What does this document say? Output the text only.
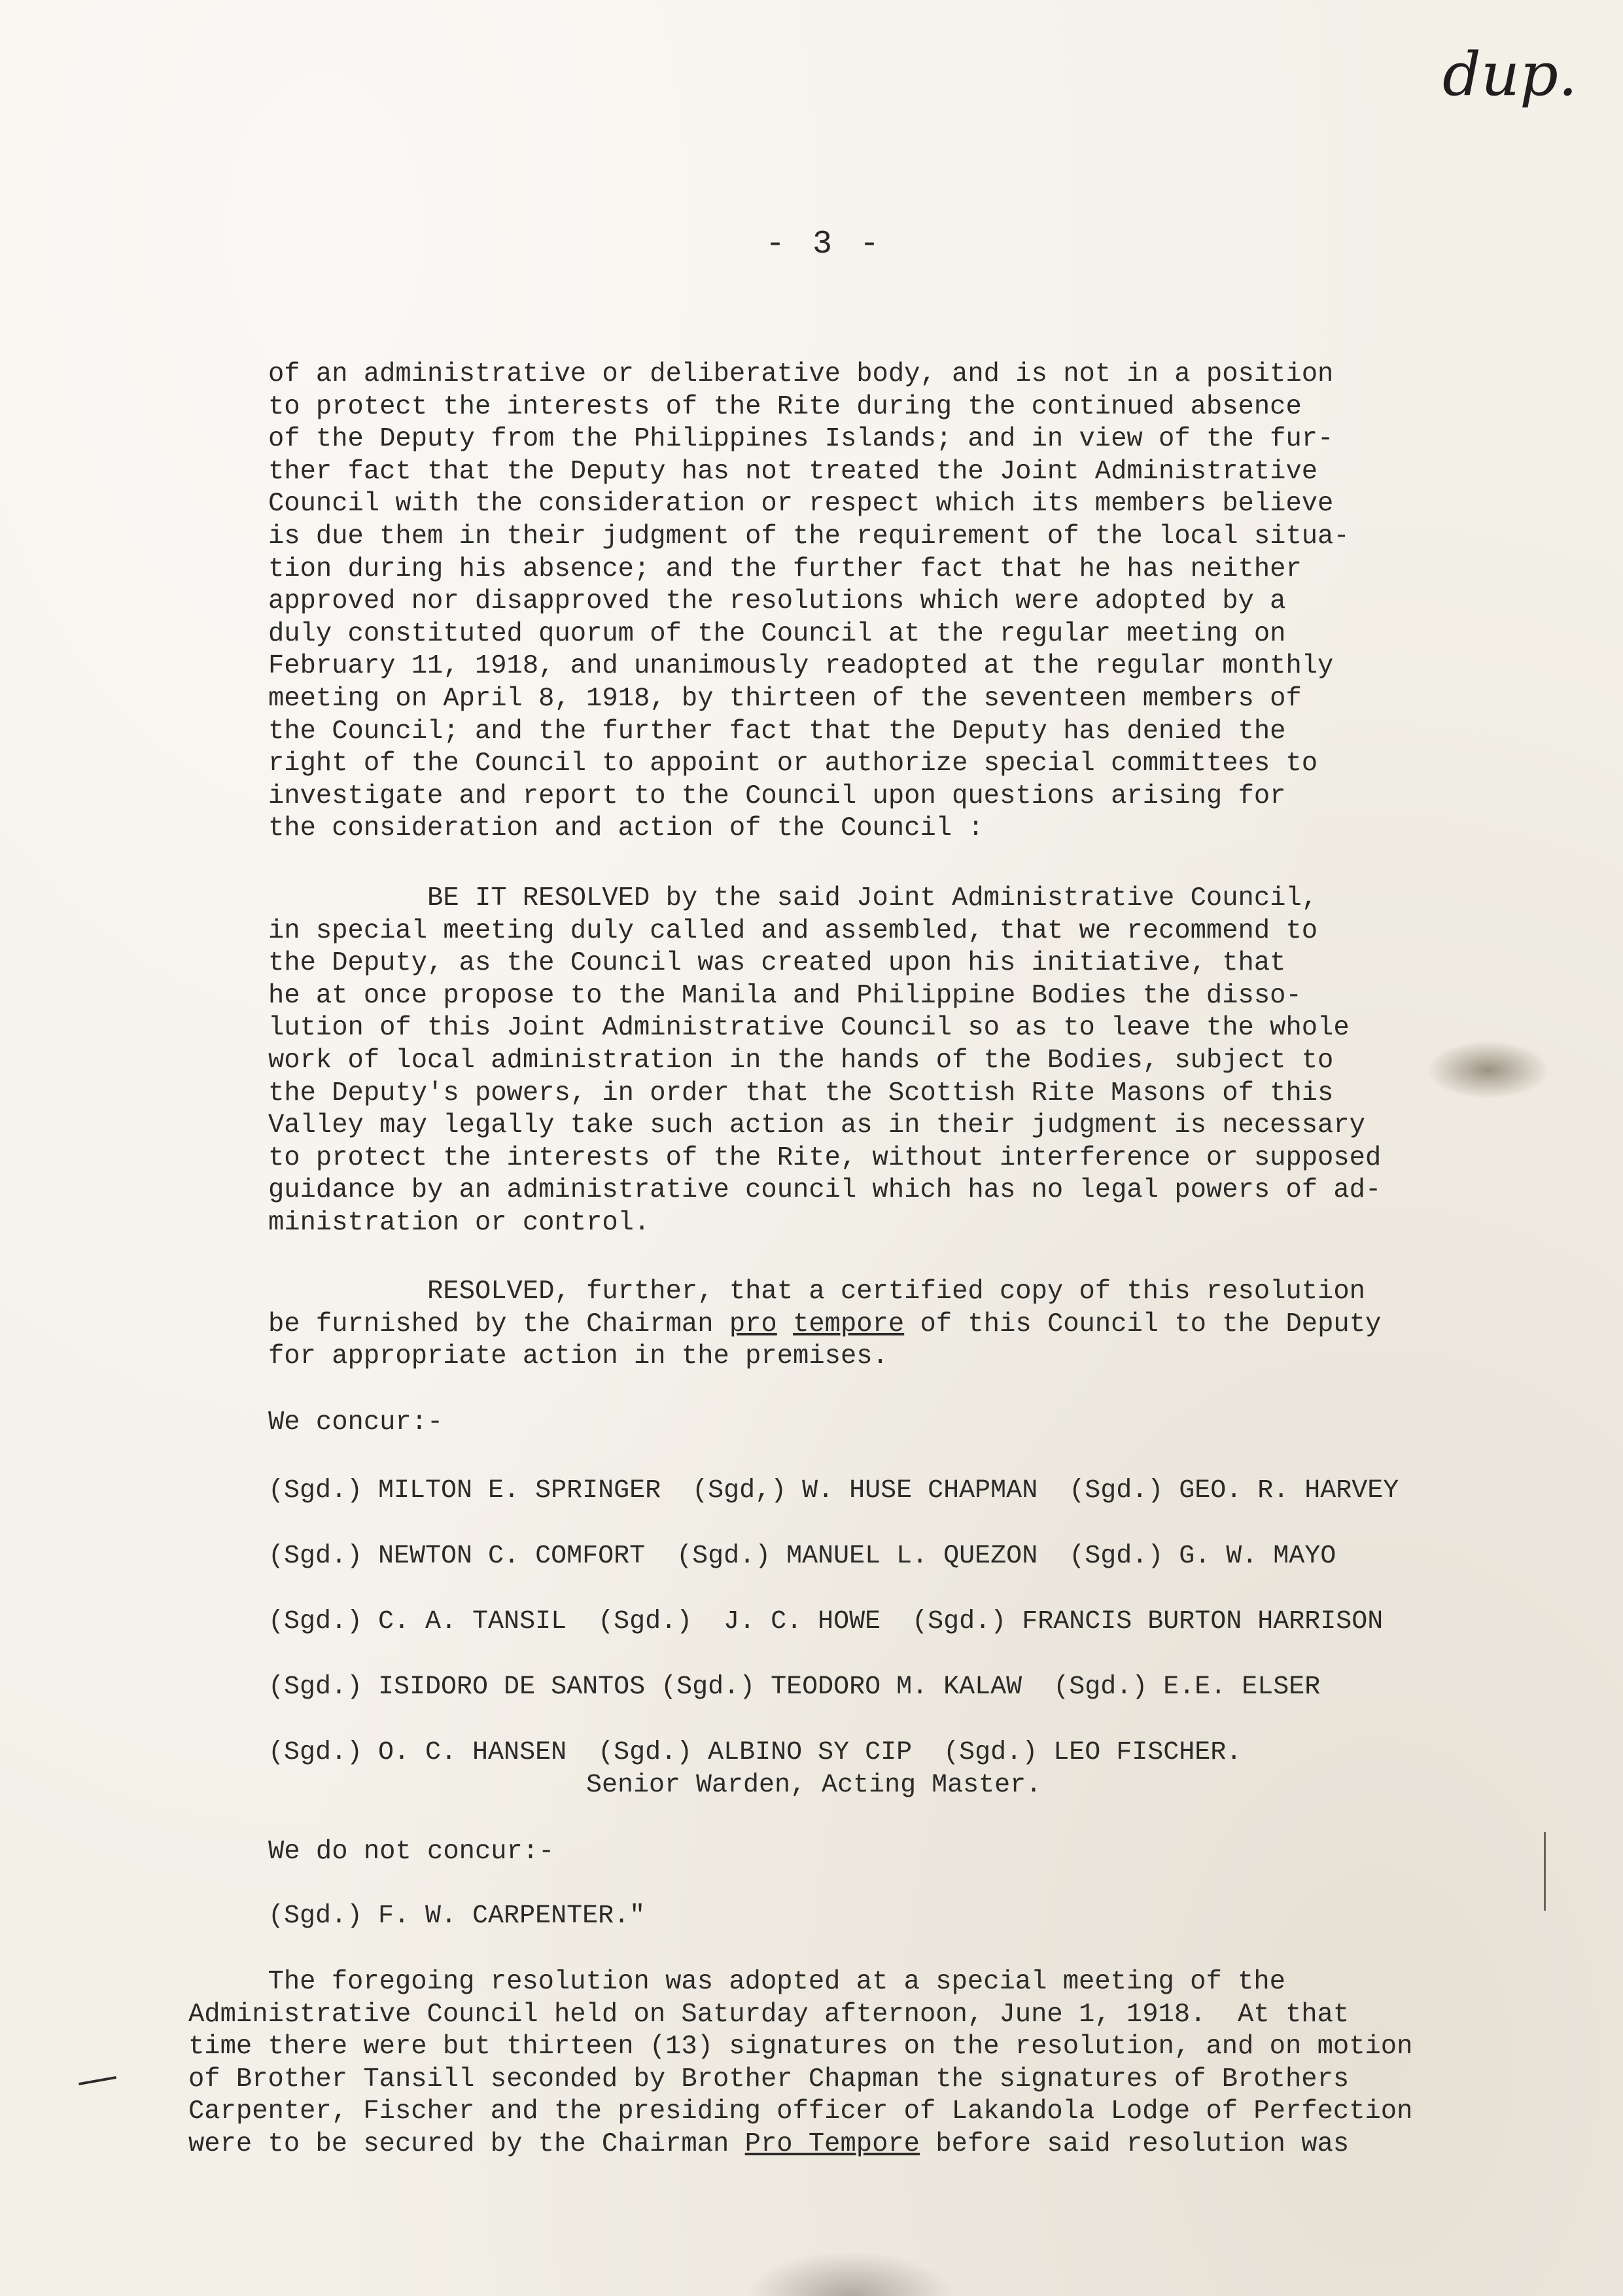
dup.
- 3 -
of an administrative or deliberative body, and is not in a position
to protect the interests of the Rite during the continued absence
of the Deputy from the Philippines Islands; and in view of the fur-
ther fact that the Deputy has not treated the Joint Administrative
Council with the consideration or respect which its members believe
is due them in their judgment of the requirement of the local situa-
tion during his absence; and the further fact that he has neither
approved nor disapproved the resolutions which were adopted by a
duly constituted quorum of the Council at the regular meeting on
February 11, 1918, and unanimously readopted at the regular monthly
meeting on April 8, 1918, by thirteen of the seventeen members of
the Council; and the further fact that the Deputy has denied the
right of the Council to appoint or authorize special committees to
investigate and report to the Council upon questions arising for
the consideration and action of the Council :
BE IT RESOLVED by the said Joint Administrative Council,
in special meeting duly called and assembled, that we recommend to
the Deputy, as the Council was created upon his initiative, that
he at once propose to the Manila and Philippine Bodies the disso-
lution of this Joint Administrative Council so as to leave the whole
work of local administration in the hands of the Bodies, subject to
the Deputy's powers, in order that the Scottish Rite Masons of this
Valley may legally take such action as in their judgment is necessary
to protect the interests of the Rite, without interference or supposed
guidance by an administrative council which has no legal powers of ad-
ministration or control.
RESOLVED, further, that a certified copy of this resolution
be furnished by the Chairman pro tempore of this Council to the Deputy
for appropriate action in the premises.
We concur:-
(Sgd.) MILTON E. SPRINGER  (Sgd,) W. HUSE CHAPMAN  (Sgd.) GEO. R. HARVEY
(Sgd.) NEWTON C. COMFORT  (Sgd.) MANUEL L. QUEZON  (Sgd.) G. W. MAYO
(Sgd.) C. A. TANSIL  (Sgd.)  J. C. HOWE  (Sgd.) FRANCIS BURTON HARRISON
(Sgd.) ISIDORO DE SANTOS (Sgd.) TEODORO M. KALAW  (Sgd.) E.E. ELSER
(Sgd.) O. C. HANSEN  (Sgd.) ALBINO SY CIP  (Sgd.) LEO FISCHER.
Senior Warden, Acting Master.
We do not concur:-
(Sgd.) F. W. CARPENTER."
The foregoing resolution was adopted at a special meeting of the
Administrative Council held on Saturday afternoon, June 1, 1918.  At that
time there were but thirteen (13) signatures on the resolution, and on motion
of Brother Tansill seconded by Brother Chapman the signatures of Brothers
Carpenter, Fischer and the presiding officer of Lakandola Lodge of Perfection
were to be secured by the Chairman Pro Tempore before said resolution was
